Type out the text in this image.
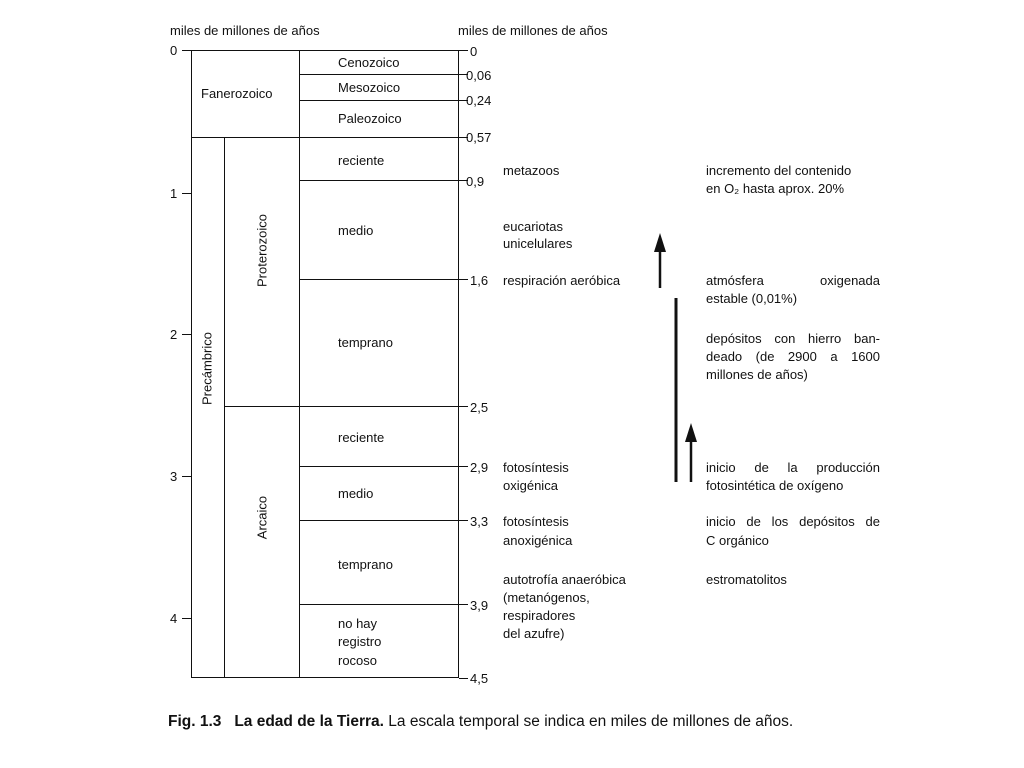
miles de millones de años	miles de millones de años
0
1
2
3
4
0
0,06
0,24
0,57
0,9
1,6
2,5
2,9
3,3
3,9
4,5
Fanerozoico
Precámbrico
Proterozoico
Arcaico
Cenozoico
Mesozoico
Paleozoico
reciente
medio
temprano
reciente
medio
temprano
no hay
registro
rocoso
metazoos
eucariotas
unicelulares
respiración aeróbica
fotosíntesis
oxigénica
fotosíntesis
anoxigénica
autotrofía anaeróbica
(metanógenos,
respiradores
del azufre)
incremento del contenido
en O₂ hasta aprox. 20%
atmósfera oxigenada
estable (0,01%)
depósitos con hierro ban-
deado (de 2900 a 1600
millones de años)
inicio de la producción
fotosintética de oxígeno
inicio de los depósitos de
C orgánico
estromatolitos
Fig. 1.3 La edad de la Tierra. La escala temporal se indica en miles de millones de años.
